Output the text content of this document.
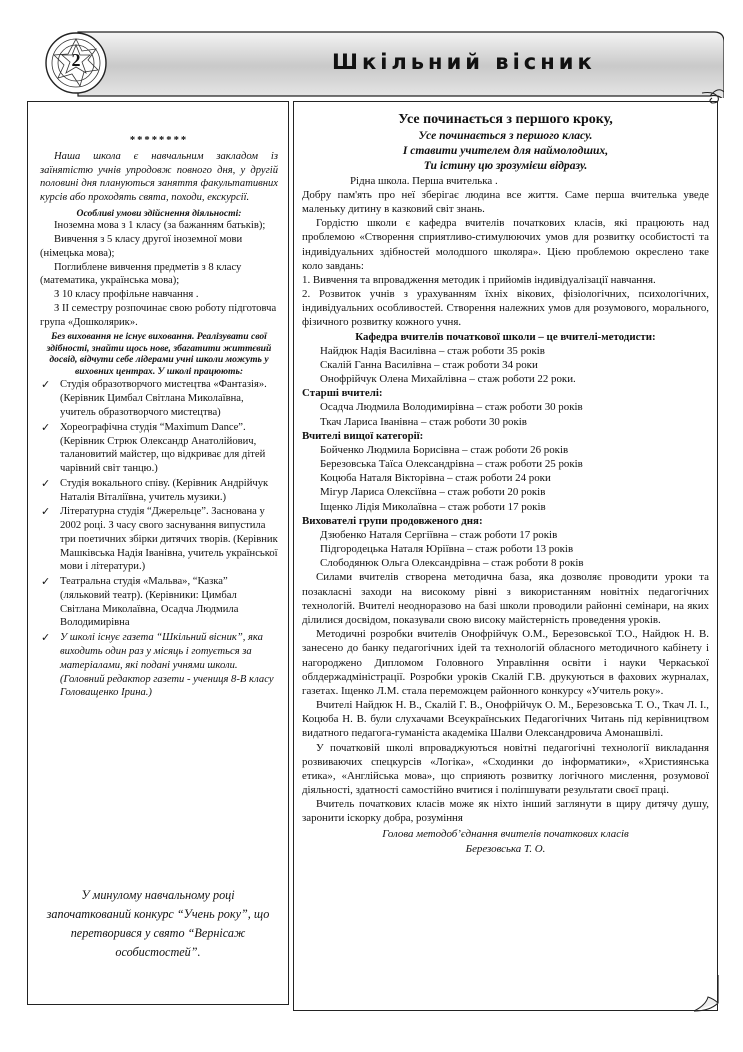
2	Шкільний вісник

********

Наша школа є навчальним закладом із заїнятістю учнів упродовж повного дня, у другій половині дня плануються заняття факультативних курсів або проходять свята, походи, екскурсії.

Особливі умови здійснення діяльності:

Іноземна мова з 1 класу (за бажанням батьків);

Вивчення з 5 класу другої іноземної мови (німецька мова);

Поглиблене вивчення предметів з 8 класу (математика, українська мова);

З 10 класу профільне навчання .

З ІІ семестру розпочинає свою роботу підготовча група «Дошколярик».

Без виховання не існує виховання. Реалізувати свої здібності, знайти щось нове, збагатити життєвий досвід, відчути себе лідерами учні школи можуть у виховних центрах. У школі працюють:

✓ Студія образотворчого мистецтва «Фантазія». (Керівник Цимбал Світлана Миколаївна, учитель образотворчого мистецтва)
✓ Хореографічна студія “Maximum Dance”. (Керівник Стрюк Олександр Анатолійович, талановитий майстер, що відкриває для дітей чарівний світ танцю.)
✓ Студія вокального співу. (Керівник Андрійчук Наталія Віталіївна, учитель музики.)
✓ Літературна студія “Джерельце”. Заснована у 2002 році. З часу свого заснування випустила три поетичних збірки дитячих творів. (Керівник Машківська Надія Іванівна, учитель української мови і літератури.)
✓ Театральна студія «Мальва», “Казка” (ляльковий театр). (Керівники: Цимбал Світлана Миколаївна, Осадча Людмила Володимирівна
✓ У школі існує газета “Шкільний вісник”, яка виходить один раз у місяць і готується за матеріалами, які подані учнями школи. (Головний редактор газети - учениця 8-В класу Головащенко Ірина.)

У минулому навчальному році започаткований конкурс “Учень року”, що перетворився у свято “Вернісаж особистостей”.

Усе починається з першого кроку,

Усе починається з першого класу.

І ставити учителем для наймолодших,

Ти істину цю зрозумієш відразу.

Рідна школа. Перша вчителька .

Добру пам'ять про неї зберігає людина все життя. Саме перша вчителька уведе маленьку дитину в казковий світ знань.

Гордістю школи є кафедра вчителів початкових класів, які працюють над проблемою «Створення сприятливо-стимулюючих умов для розвитку особистості та індивідуальних здібностей молодшого школяра». Цією проблемою окреслено таке коло завдань:

1. Вивчення та впровадження методик і прийомів індивідуалізації навчання.

2. Розвиток учнів з урахуванням їхніх вікових, фізіологічних, психологічних, індивідуальних особливостей. Створення належних умов для розумового, морального, фізичного розвитку кожного учня.

Кафедра вчителів початкової школи – це вчителі-методисти:

Найдюк Надія Василівна – стаж роботи 35 років

Скалій Ганна Василівна – стаж роботи 34 роки

Онофрійчук Олена Михайлівна – стаж роботи 22 роки.

Старші вчителі:

Осадча Людмила Володимирівна – стаж роботи 30 років

Ткач Лариса Іванівна – стаж роботи 30 років

Вчителі вищої категорії:

Бойченко Людмила Борисівна – стаж роботи 26 років

Березовська Таїса Олександрівна – стаж роботи 25 років

Коцюба Наталя Вікторівна – стаж роботи 24 роки

Мігур Лариса Олексіївна – стаж роботи 20 років

Іщенко Лідія Миколаївна – стаж роботи 17 років

Вихователі групи продовженого дня:

Дзюбенко Наталя Сергіївна – стаж роботи 17 років

Підгородецька Наталя Юріївна – стаж роботи 13 років

Слободянюк Ольга Олександрівна – стаж роботи 8 років

Силами вчителів створена методична база, яка дозволяє проводити уроки та позакласні заходи на високому рівні з використанням новітніх педагогічних технологій. Вчителі неодноразово на базі школи проводили районні семінари, на яких ділилися досвідом, показували свою високу майстерність проведення уроків.

Методичні розробки вчителів Онофрійчук О.М., Березовської Т.О., Найдюк Н. В. занесено до банку педагогічних ідей та технологій обласного методичного кабінету і нагороджено Дипломом Головного Управління освіти і науки Черкаської облдержадміністрації. Розробки уроків Скалій Г.В. друкуються в фахових журналах, газетах. Іщенко Л.М. стала переможцем районного конкурсу «Учитель року».

Вчителі Найдюк Н. В., Скалій Г. В., Онофрійчук О. М., Березовська Т. О., Ткач Л. І., Коцюба Н. В. були слухачами Всеукраїнських Педагогічних Читань під керівництвом видатного педагога-гуманіста академіка Шалви Олександровича Амонашвілі.

У початковій школі впроваджуються новітні педагогічні технології викладання розвиваючих спецкурсів «Логіка», «Сходинки до інформатики», «Християнська етика», «Англійська мова», що сприяють розвитку логічного мислення, розумової діяльності, здатності самостійно вчитися і поліпшувати результати своєї праці.

Вчитель початкових класів може як ніхто інший заглянути в щиру дитячу душу, заронити іскорку добра, розуміння

Голова методоб’єднання вчителів початкових класів

Березовська Т. О.
